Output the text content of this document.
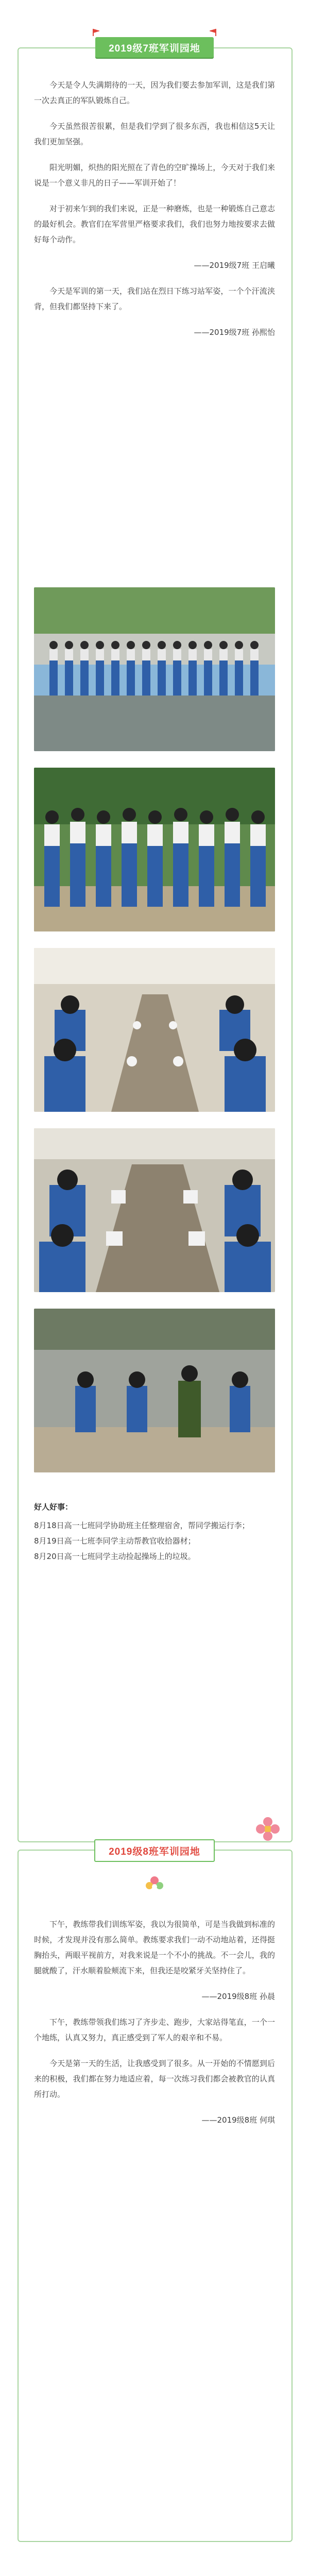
2019级7班军训园地

今天是令人失满期待的一天，因为我们要去参加军训，这是我们第一次去真正的军队锻炼自己。

今天虽然很苦很累，但是我们学到了很多东西，我也相信这5天让我们更加坚强。

阳光明媚，炽热的阳光照在了青色的空旷操场上，今天对于我们来说是一个意义非凡的日子——军训开始了！

对于初来乍到的我们来说，正是一种磨炼，也是一种锻炼自己意志的最好机会。教官们在军营里严格要求我们，我们也努力地按要求去做好每个动作。

——2019级7班 王启曦

今天是军训的第一天，我们站在烈日下练习站军姿，一个个汗流浃背，但我们都坚持下来了。

——2019级7班 孙熙怡

好人好事：

8月18日高一七班同学协助班主任整理宿舍，帮同学搬运行李；

8月19日高一七班李同学主动帮教官收拾器材；

8月20日高一七班同学主动捡起操场上的垃圾。

2019级8班军训园地

下午，教练带我们训练军姿，我以为很简单，可是当我做到标准的时候，才发现并没有那么简单。教练要求我们一动不动地站着，还得挺胸抬头，两眼平视前方，对我来说是一个不小的挑战。不一会儿，我的腿就酸了，汗水顺着脸颊流下来，但我还是咬紧牙关坚持住了。

——2019级8班 孙晨

下午，教练带领我们练习了齐步走、跑步，大家站得笔直，一个一个地练，认真又努力，真正感受到了军人的艰辛和不易。

今天是第一天的生活，让我感受到了很多。从一开始的不情愿到后来的积极，我们都在努力地适应着，每一次练习我们都会被教官的认真所打动。

——2019级8班 何琪
